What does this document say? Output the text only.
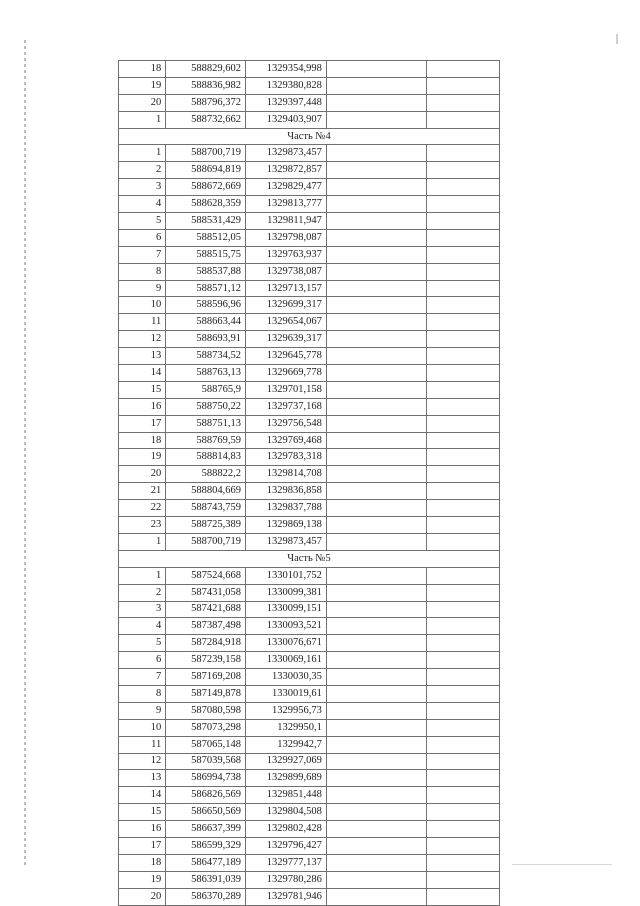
18	588829,602	1329354,998		
19	588836,982	1329380,828		
20	588796,372	1329397,448		
1	588732,662	1329403,907		
Часть №4				
1	588700,719	1329873,457		
2	588694,819	1329872,857		
3	588672,669	1329829,477		
4	588628,359	1329813,777		
5	588531,429	1329811,947		
6	588512,05	1329798,087		
7	588515,75	1329763,937		
8	588537,88	1329738,087		
9	588571,12	1329713,157		
10	588596,96	1329699,317		
11	588663,44	1329654,067		
12	588693,91	1329639,317		
13	588734,52	1329645,778		
14	588763,13	1329669,778		
15	588765,9	1329701,158		
16	588750,22	1329737,168		
17	588751,13	1329756,548		
18	588769,59	1329769,468		
19	588814,83	1329783,318		
20	588822,2	1329814,708		
21	588804,669	1329836,858		
22	588743,759	1329837,788		
23	588725,389	1329869,138		
1	588700,719	1329873,457		
Часть №5				
1	587524,668	1330101,752		
2	587431,058	1330099,381		
3	587421,688	1330099,151		
4	587387,498	1330093,521		
5	587284,918	1330076,671		
6	587239,158	1330069,161		
7	587169,208	1330030,35		
8	587149,878	1330019,61		
9	587080,598	1329956,73		
10	587073,298	1329950,1		
11	587065,148	1329942,7		
12	587039,568	1329927,069		
13	586994,738	1329899,689		
14	586826,569	1329851,448		
15	586650,569	1329804,508		
16	586637,399	1329802,428		
17	586599,329	1329796,427		
18	586477,189	1329777,137		
19	586391,039	1329780,286		
20	586370,289	1329781,946		
